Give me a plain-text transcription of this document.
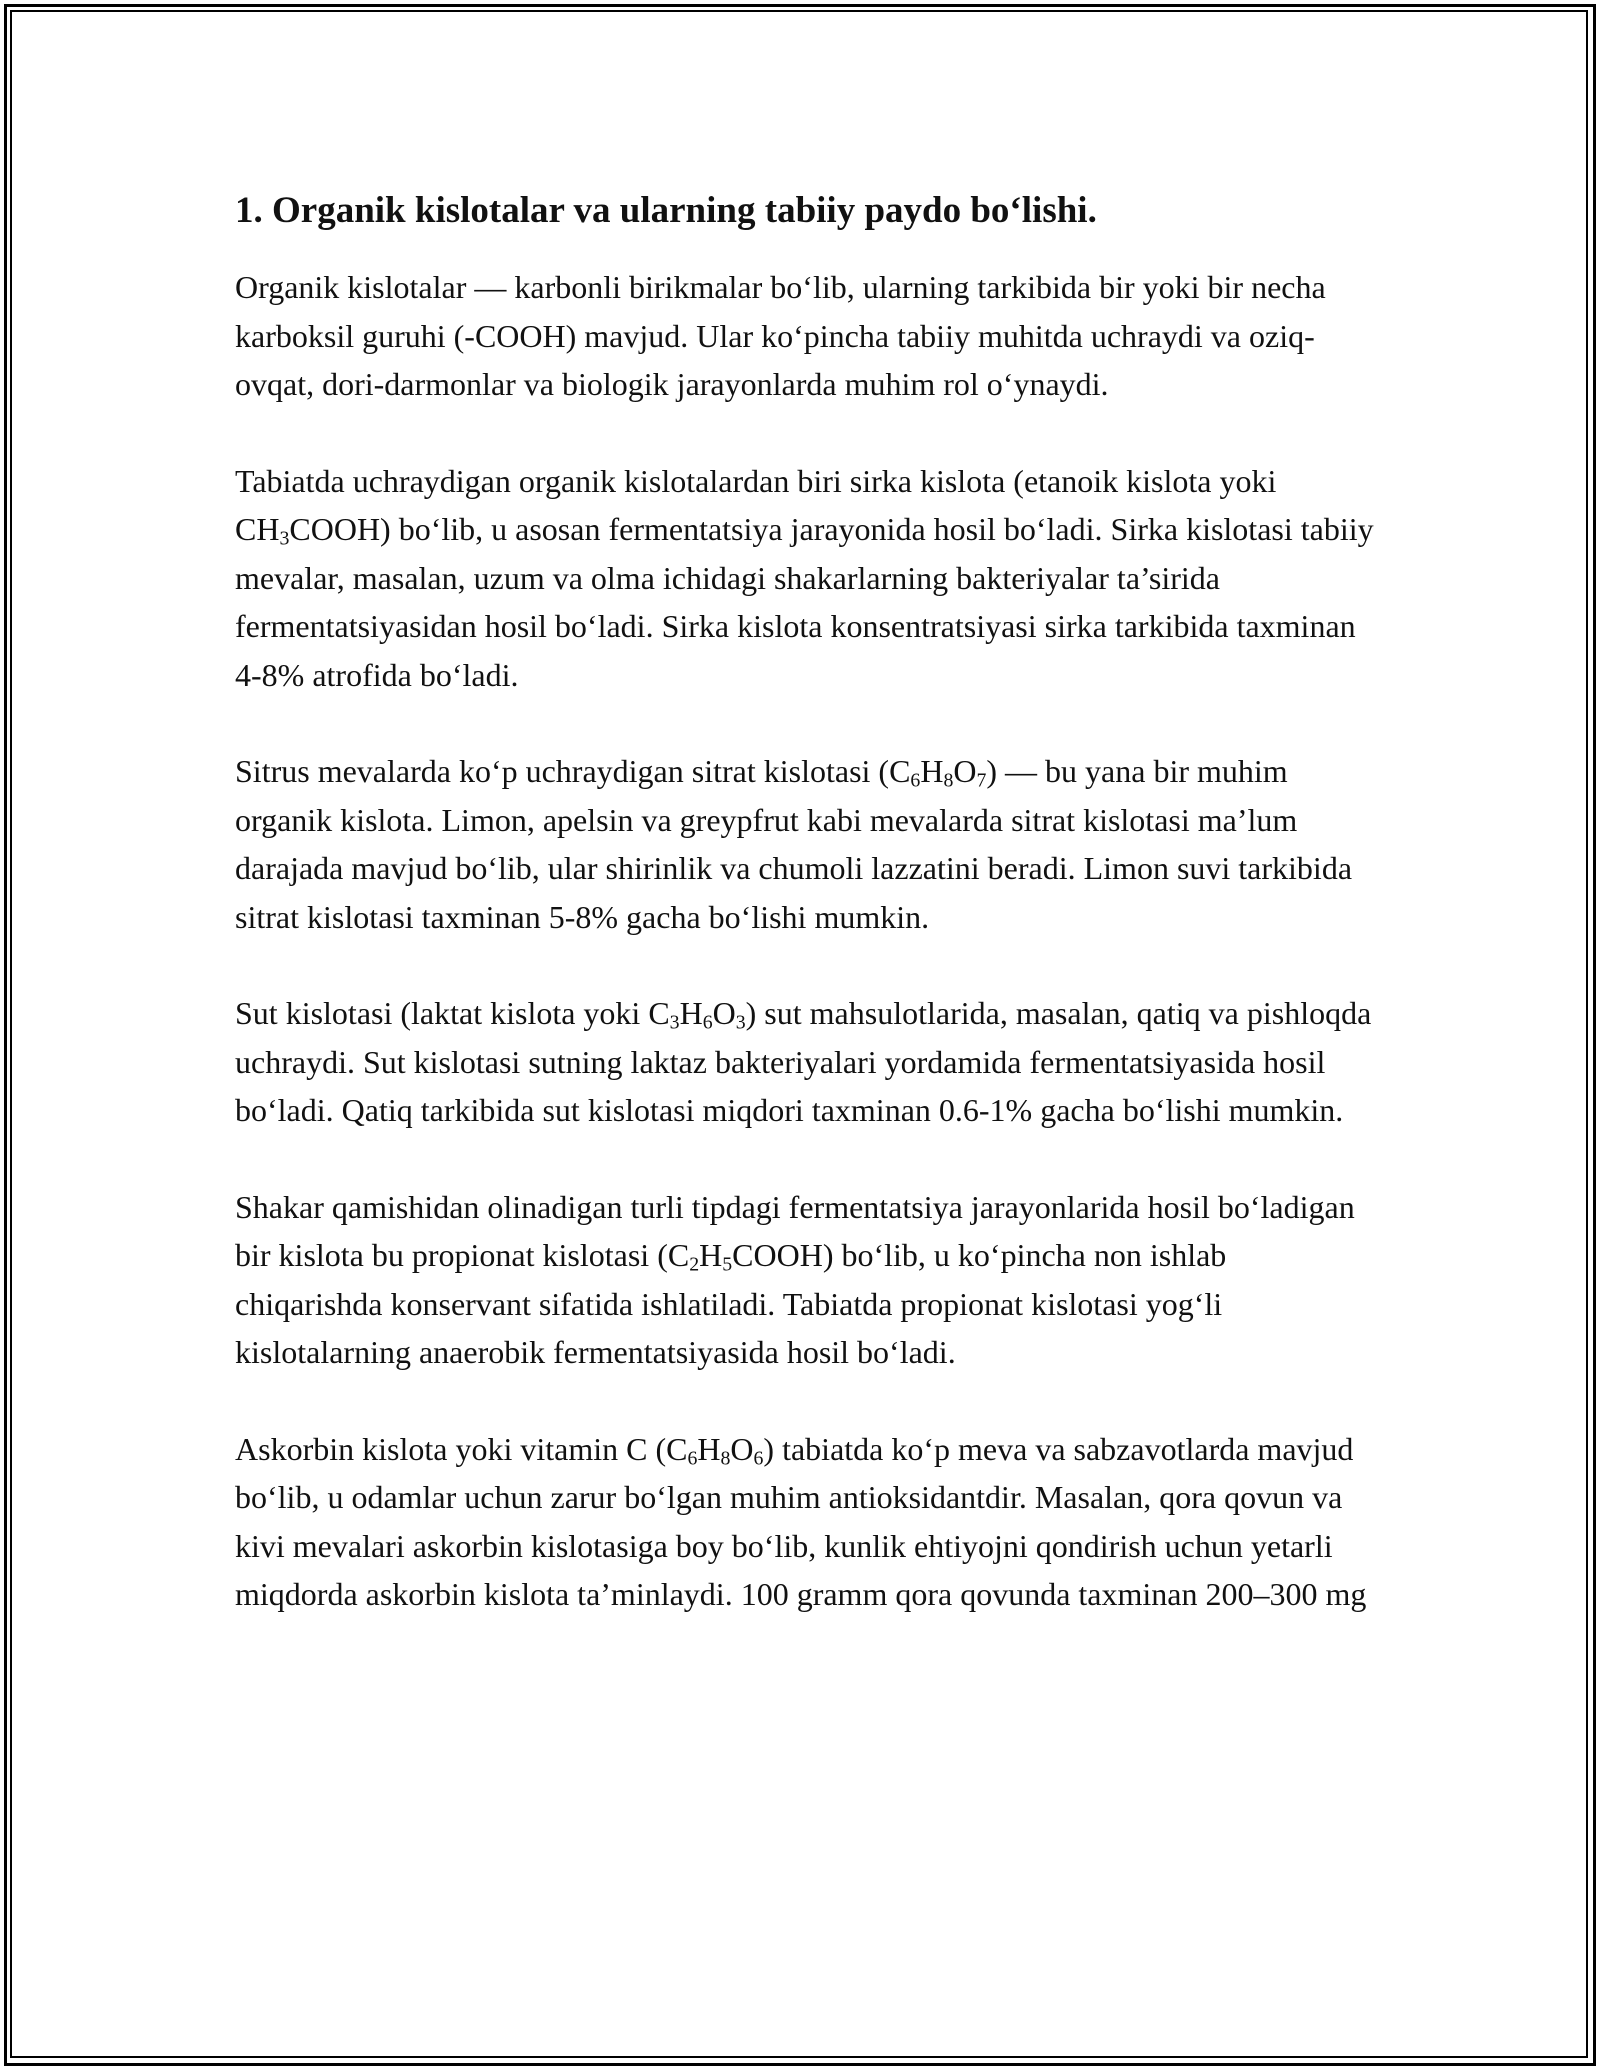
1. Organik kislotalar va ularning tabiiy paydo bo‘lishi.

Organik kislotalar — karbonli birikmalar bo‘lib, ularning tarkibida bir yoki bir necha karboksil guruhi (-COOH) mavjud. Ular ko‘pincha tabiiy muhitda uchraydi va oziq-ovqat, dori-darmonlar va biologik jarayonlarda muhim rol o‘ynaydi.

Tabiatda uchraydigan organik kislotalardan biri sirka kislota (etanoik kislota yoki $CH_3COOH$) bo‘lib, u asosan fermentatsiya jarayonida hosil bo‘ladi. Sirka kislotasi tabiiy mevalar, masalan, uzum va olma ichidagi shakarlarning bakteriyalar ta’sirida fermentatsiyasidan hosil bo‘ladi. Sirka kislota konsentratsiyasi sirka tarkibida taxminan 4-8% atrofida bo‘ladi.

Sitrus mevalarda ko‘p uchraydigan sitrat kislotasi $(C_6H_8O_7)$ — bu yana bir muhim organik kislota. Limon, apelsin va greypfrut kabi mevalarda sitrat kislotasi ma’lum darajada mavjud bo‘lib, ular shirinlik va chumoli lazzatini beradi. Limon suvi tarkibida sitrat kislotasi taxminan 5-8% gacha bo‘lishi mumkin.

Sut kislotasi (laktat kislota yoki $C_3H_6O_3$) sut mahsulotlarida, masalan, qatiq va pishloqda uchraydi. Sut kislotasi sutning laktaz bakteriyalari yordamida fermentatsiyasida hosil bo‘ladi. Qatiq tarkibida sut kislotasi miqdori taxminan 0.6-1% gacha bo‘lishi mumkin.

Shakar qamishidan olinadigan turli tipdagi fermentatsiya jarayonlarida hosil bo‘ladigan bir kislota bu propionat kislotasi $(C_2H_5COOH)$ bo‘lib, u ko‘pincha non ishlab chiqarishda konservant sifatida ishlatiladi. Tabiatda propionat kislotasi yog‘li kislotalarning anaerobik fermentatsiyasida hosil bo‘ladi.

Askorbin kislota yoki vitamin C $(C_6H_8O_6)$ tabiatda ko‘p meva va sabzavotlarda mavjud bo‘lib, u odamlar uchun zarur bo‘lgan muhim antioksidantdir. Masalan, qora qovun va kivi mevalari askorbin kislotasiga boy bo‘lib, kunlik ehtiyojni qondirish uchun yetarli miqdorda askorbin kislota ta’minlaydi. 100 gramm qora qovunda taxminan 200–300 mg
